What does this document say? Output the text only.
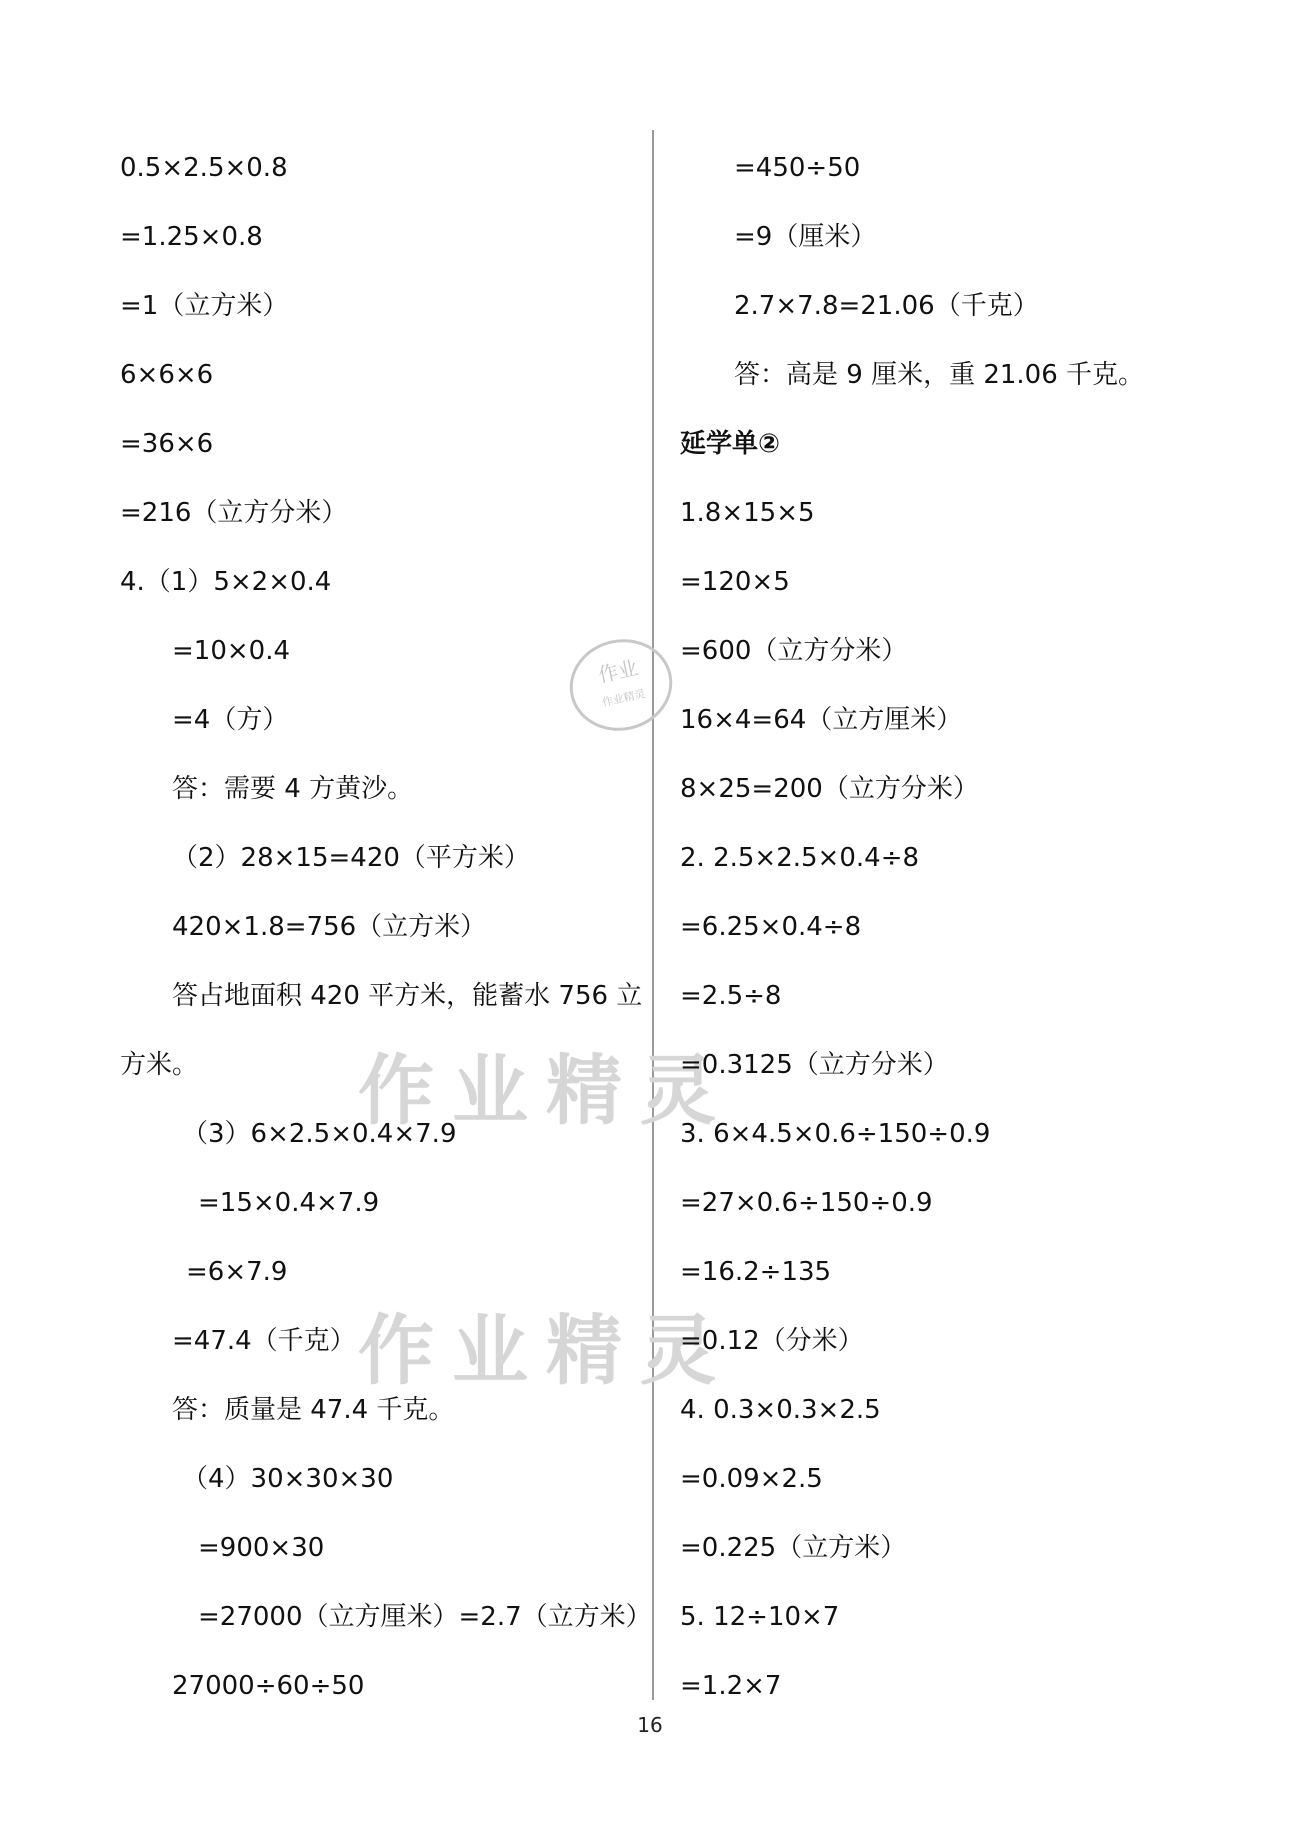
作业精灵
作业精灵
作业
作业精灵
0.5×2.5×0.8
=1.25×0.8
=1（立方米）
6×6×6
=36×6
=216（立方分米）
4.（1）5×2×0.4
=10×0.4
=4（方）
答：需要 4 方黄沙。
（2）28×15=420（平方米）
420×1.8=756（立方米）
答占地面积 420 平方米，能蓄水 756 立
方米。
（3）6×2.5×0.4×7.9
=15×0.4×7.9
=6×7.9
=47.4（千克）
答：质量是 47.4 千克。
（4）30×30×30
=900×30
=27000（立方厘米）=2.7（立方米）
27000÷60÷50
=450÷50
=9（厘米）
2.7×7.8=21.06（千克）
答：高是 9 厘米，重 21.06 千克。
延学单②
1.8×15×5
=120×5
=600（立方分米）
16×4=64（立方厘米）
8×25=200（立方分米）
2. 2.5×2.5×0.4÷8
=6.25×0.4÷8
=2.5÷8
=0.3125（立方分米）
3. 6×4.5×0.6÷150÷0.9
=27×0.6÷150÷0.9
=16.2÷135
=0.12（分米）
4. 0.3×0.3×2.5
=0.09×2.5
=0.225（立方米）
5. 12÷10×7
=1.2×7
16
